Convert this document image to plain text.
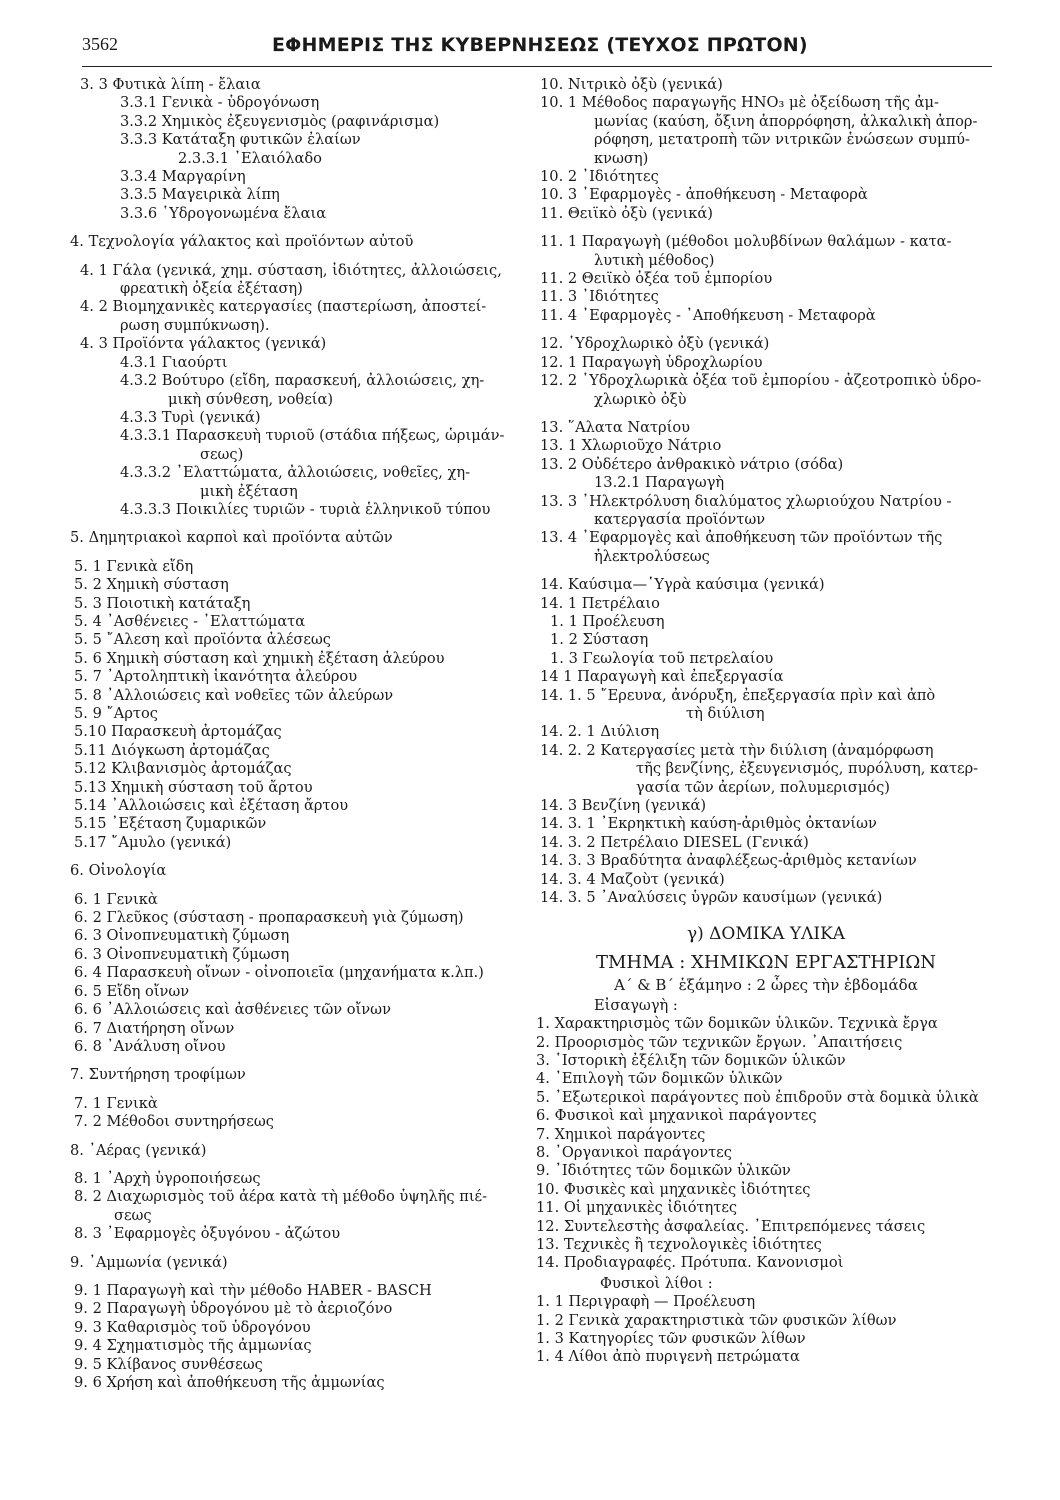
3562	ΕΦΗΜΕΡΙΣ ΤΗΣ ΚΥΒΕΡΝΗΣΕΩΣ (ΤΕΥΧΟΣ ΠΡΩΤΟΝ)
3. 3 Φυτικὰ λίπη - ἔλαια
3.3.1 Γενικὰ - ὑδρογόνωση
3.3.2 Χημικὸς ἐξευγενισμὸς (ραφινάρισμα)
3.3.3 Κατάταξη φυτικῶν ἐλαίων
2.3.3.1 ᾿Ελαιόλαδο
3.3.4 Μαργαρίνη
3.3.5 Μαγειρικὰ λίπη
3.3.6 ῾Υδρογονωμένα ἔλαια
4. Τεχνολογία γάλακτος καὶ προϊόντων αὐτοῦ
4. 1 Γάλα (γενικά, χημ. σύσταση, ἰδιότητες, ἀλλοιώσεις,
φρεατικὴ ὀξεία ἐξέταση)
4. 2 Βιομηχανικὲς κατεργασίες (παστερίωση, ἀποστεί-
ρωση συμπύκνωση).
4. 3 Προϊόντα γάλακτος (γενικά)
4.3.1 Γιαούρτι
4.3.2 Βούτυρο (εἴδη, παρασκευή, ἀλλοιώσεις, χη-
μικὴ σύνθεση, νοθεία)
4.3.3 Τυρὶ (γενικά)
4.3.3.1 Παρασκευὴ τυριοῦ (στάδια πήξεως, ὡριμάν-
σεως)
4.3.3.2 ᾿Ελαττώματα, ἀλλοιώσεις, νοθεῖες, χη-
μικὴ ἐξέταση
4.3.3.3 Ποικιλίες τυριῶν - τυριὰ ἑλληνικοῦ τύπου
5. Δημητριακοὶ καρποὶ καὶ προϊόντα αὐτῶν
5. 1 Γενικὰ εἴδη
5. 2 Χημικὴ σύσταση
5. 3 Ποιοτικὴ κατάταξη
5. 4 ᾿Ασθένειες - ᾿Ελαττώματα
5. 5 ῎Αλεση καὶ προϊόντα ἀλέσεως
5. 6 Χημικὴ σύσταση καὶ χημικὴ ἐξέταση ἀλεύρου
5. 7 ᾿Αρτοληπτικὴ ἱκανότητα ἀλεύρου
5. 8 ᾿Αλλοιώσεις καὶ νοθεῖες τῶν ἀλεύρων
5. 9 ῎Αρτος
5.10 Παρασκευὴ ἀρτομάζας
5.11 Διόγκωση ἀρτομάζας
5.12 Κλιβανισμὸς ἀρτομάζας
5.13 Χημικὴ σύσταση τοῦ ἄρτου
5.14 ᾿Αλλοιώσεις καὶ ἐξέταση ἄρτου
5.15 ᾿Εξέταση ζυμαρικῶν
5.17 ῎Αμυλο (γενικά)
6. Οἰνολογία
6. 1 Γενικὰ
6. 2 Γλεῦκος (σύσταση - προπαρασκευὴ γιὰ ζύμωση)
6. 3 Οἰνοπνευματικὴ ζύμωση
6. 3 Οἰνοπνευματικὴ ζύμωση
6. 4 Παρασκευὴ οἴνων - οἰνοποιεῖα (μηχανήματα κ.λπ.)
6. 5 Εἴδη οἴνων
6. 6 ᾿Αλλοιώσεις καὶ ἀσθένειες τῶν οἴνων
6. 7 Διατήρηση οἴνων
6. 8 ᾿Ανάλυση οἴνου
7. Συντήρηση τροφίμων
7. 1 Γενικὰ
7. 2 Μέθοδοι συντηρήσεως
8. ᾿Αέρας (γενικά)
8. 1 ᾿Αρχὴ ὑγροποιήσεως
8. 2 Διαχωρισμὸς τοῦ ἀέρα κατὰ τὴ μέθοδο ὑψηλῆς πιέ-
σεως
8. 3 ᾿Εφαρμογὲς ὀξυγόνου - ἀζώτου
9. ᾿Αμμωνία (γενικά)
9. 1 Παραγωγὴ καὶ τὴν μέθοδο HABER - BASCH
9. 2 Παραγωγὴ ὑδρογόνου μὲ τὸ ἀεριοζόνο
9. 3 Καθαρισμὸς τοῦ ὑδρογόνου
9. 4 Σχηματισμὸς τῆς ἀμμωνίας
9. 5 Κλίβανος συνθέσεως
9. 6 Χρήση καὶ ἀποθήκευση τῆς ἀμμωνίας
10. Νιτρικὸ ὀξὺ (γενικά)
10. 1 Μέθοδος παραγωγῆς HNO₃ μὲ ὀξείδωση τῆς ἀμ-
μωνίας (καύση, ὄξινη ἀπορρόφηση, ἀλκαλικὴ ἀπορ-
ρόφηση, μετατροπὴ τῶν νιτρικῶν ἑνώσεων συμπύ-
κνωση)
10. 2 ᾿Ιδιότητες
10. 3 ᾿Εφαρμογὲς - ἀποθήκευση - Μεταφορὰ
11. Θειϊκὸ ὀξὺ (γενικά)
11. 1 Παραγωγὴ (μέθοδοι μολυβδίνων θαλάμων - κατα-
λυτικὴ μέθοδος)
11. 2 Θειϊκὸ ὀξέα τοῦ ἐμπορίου
11. 3 ᾿Ιδιότητες
11. 4 ᾿Εφαρμογὲς - ᾿Αποθήκευση - Μεταφορὰ
12. ῾Υδροχλωρικὸ ὀξὺ (γενικά)
12. 1 Παραγωγὴ ὑδροχλωρίου
12. 2 ῾Υδροχλωρικὰ ὀξέα τοῦ ἐμπορίου - ἀζεοτροπικὸ ὑδρο-
χλωρικὸ ὀξὺ
13. ῞Αλατα Νατρίου
13. 1 Χλωριοῦχο Νάτριο
13. 2 Οὐδέτερο ἀνθρακικὸ νάτριο (σόδα)
13.2.1 Παραγωγὴ
13. 3 ᾿Ηλεκτρόλυση διαλύματος χλωριούχου Νατρίου -
κατεργασία προϊόντων
13. 4 ᾿Εφαρμογὲς καὶ ἀποθήκευση τῶν προϊόντων τῆς
ἠλεκτρολύσεως
14. Καύσιμα—῾Υγρὰ καύσιμα (γενικά)
14. 1 Πετρέλαιο
1. 1 Προέλευση
1. 2 Σύσταση
1. 3 Γεωλογία τοῦ πετρελαίου
14 1 Παραγωγὴ καὶ ἐπεξεργασία
14. 1. 5 ῎Ερευνα, ἀνόρυξη, ἐπεξεργασία πρὶν καὶ ἀπὸ
τὴ διύλιση
14. 2. 1 Διύλιση
14. 2. 2 Κατεργασίες μετὰ τὴν διύλιση (ἀναμόρφωση
τῆς βενζίνης, ἐξευγενισμός, πυρόλυση, κατερ-
γασία τῶν ἀερίων, πολυμερισμός)
14. 3 Βενζίνη (γενικά)
14. 3. 1 ᾿Εκρηκτικὴ καύση-ἀριθμὸς ὀκτανίων
14. 3. 2 Πετρέλαιο DIESEL (Γενικά)
14. 3. 3 Βραδύτητα ἀναφλέξεως-ἀριθμὸς κετανίων
14. 3. 4 Μαζοὺτ (γενικά)
14. 3. 5 ᾿Αναλύσεις ὑγρῶν καυσίμων (γενικά)
γ) ΔΟΜΙΚΑ ΥΛΙΚΑ
ΤΜΗΜΑ : ΧΗΜΙΚΩΝ ΕΡΓΑΣΤΗΡΙΩΝ
Α΄ & Β΄ ἑξάμηνο : 2 ὧρες τὴν ἑβδομάδα
Εἰσαγωγὴ :
1. Χαρακτηρισμὸς τῶν δομικῶν ὑλικῶν. Τεχνικὰ ἔργα
2. Προορισμὸς τῶν τεχνικῶν ἔργων. ᾿Απαιτήσεις
3. ῾Ιστορικὴ ἐξέλιξη τῶν δομικῶν ὑλικῶν
4. ᾿Επιλογὴ τῶν δομικῶν ὑλικῶν
5. ᾿Εξωτερικοὶ παράγοντες ποὺ ἐπιδροῦν στὰ δομικὰ ὑλικὰ
6. Φυσικοὶ καὶ μηχανικοὶ παράγοντες
7. Χημικοὶ παράγοντες
8. ᾿Οργανικοὶ παράγοντες
9. ᾿Ιδιότητες τῶν δομικῶν ὑλικῶν
10. Φυσικὲς καὶ μηχανικὲς ἰδιότητες
11. Οἱ μηχανικὲς ἰδιότητες
12. Συντελεστὴς ἀσφαλείας. ᾿Επιτρεπόμενες τάσεις
13. Τεχνικὲς ἢ τεχνολογικὲς ἰδιότητες
14. Προδιαγραφές. Πρότυπα. Κανονισμοὶ
Φυσικοὶ λίθοι :
1. 1 Περιγραφὴ — Προέλευση
1. 2 Γενικὰ χαρακτηριστικὰ τῶν φυσικῶν λίθων
1. 3 Κατηγορίες τῶν φυσικῶν λίθων
1. 4 Λίθοι ἀπὸ πυριγενὴ πετρώματα
